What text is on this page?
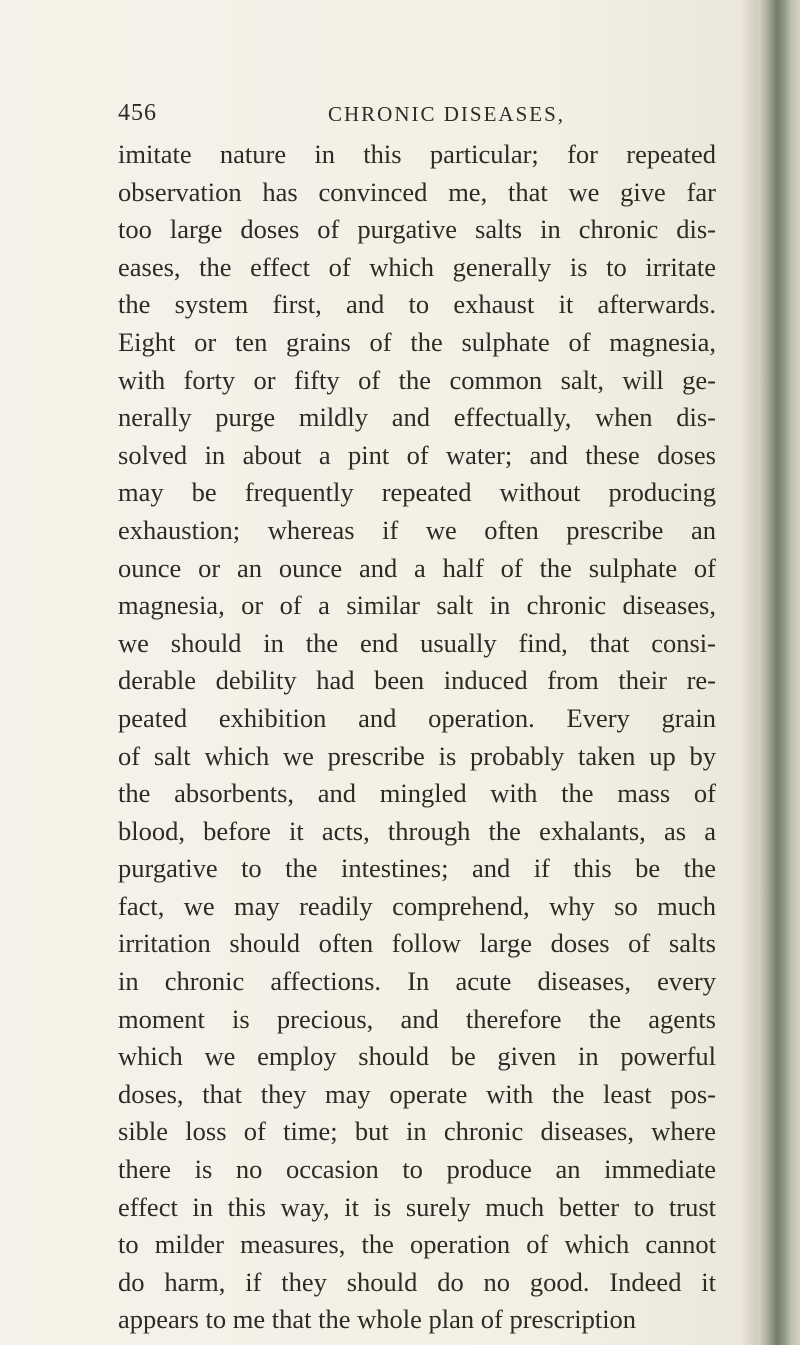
456	CHRONIC DISEASES,
imitate nature in this particular; for repeated
observation has convinced me, that we give far
too large doses of purgative salts in chronic dis-
eases, the effect of which generally is to irritate
the system first, and to exhaust it afterwards.
Eight or ten grains of the sulphate of magnesia,
with forty or fifty of the common salt, will ge-
nerally purge mildly and effectually, when dis-
solved in about a pint of water; and these doses
may be frequently repeated without producing
exhaustion; whereas if we often prescribe an
ounce or an ounce and a half of the sulphate of
magnesia, or of a similar salt in chronic diseases,
we should in the end usually find, that consi-
derable debility had been induced from their re-
peated exhibition and operation. Every grain
of salt which we prescribe is probably taken up by
the absorbents, and mingled with the mass of
blood, before it acts, through the exhalants, as a
purgative to the intestines; and if this be the
fact, we may readily comprehend, why so much
irritation should often follow large doses of salts
in chronic affections. In acute diseases, every
moment is precious, and therefore the agents
which we employ should be given in powerful
doses, that they may operate with the least pos-
sible loss of time; but in chronic diseases, where
there is no occasion to produce an immediate
effect in this way, it is surely much better to trust
to milder measures, the operation of which cannot
do harm, if they should do no good. Indeed it
appears to me that the whole plan of prescription
